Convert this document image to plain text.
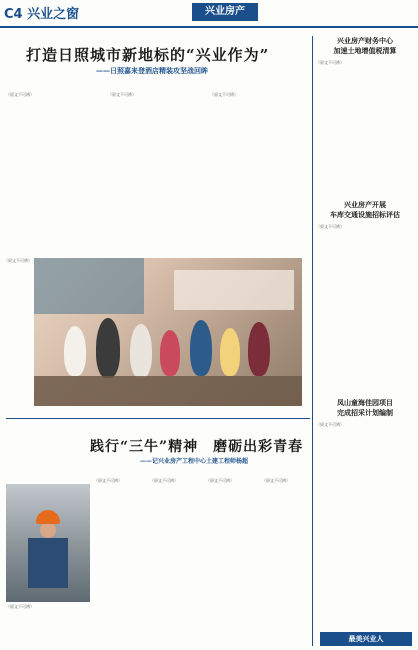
C4 兴业之窗	兴业房产
打造日照城市新地标的“兴业作为”
——日照嘉来登酒店精装攻坚战回眸
（原文不可辨）	（原文不可辨）	（原文不可辨）
（原文不可辨）
践行“三牛”精神　磨砺出彩青春
——记兴业房产工程中心土建工程师杨超
（原文不可辨）
（原文不可辨）	（原文不可辨）	（原文不可辨）	（原文不可辨）
兴业房产财务中心
加速土地增值税清算
（原文不可辨）
兴业房产开展
车库交通设施招标评估
（原文不可辨）
凤山童海佳园项目
完成招采计划编制
（原文不可辨）
最美兴业人
